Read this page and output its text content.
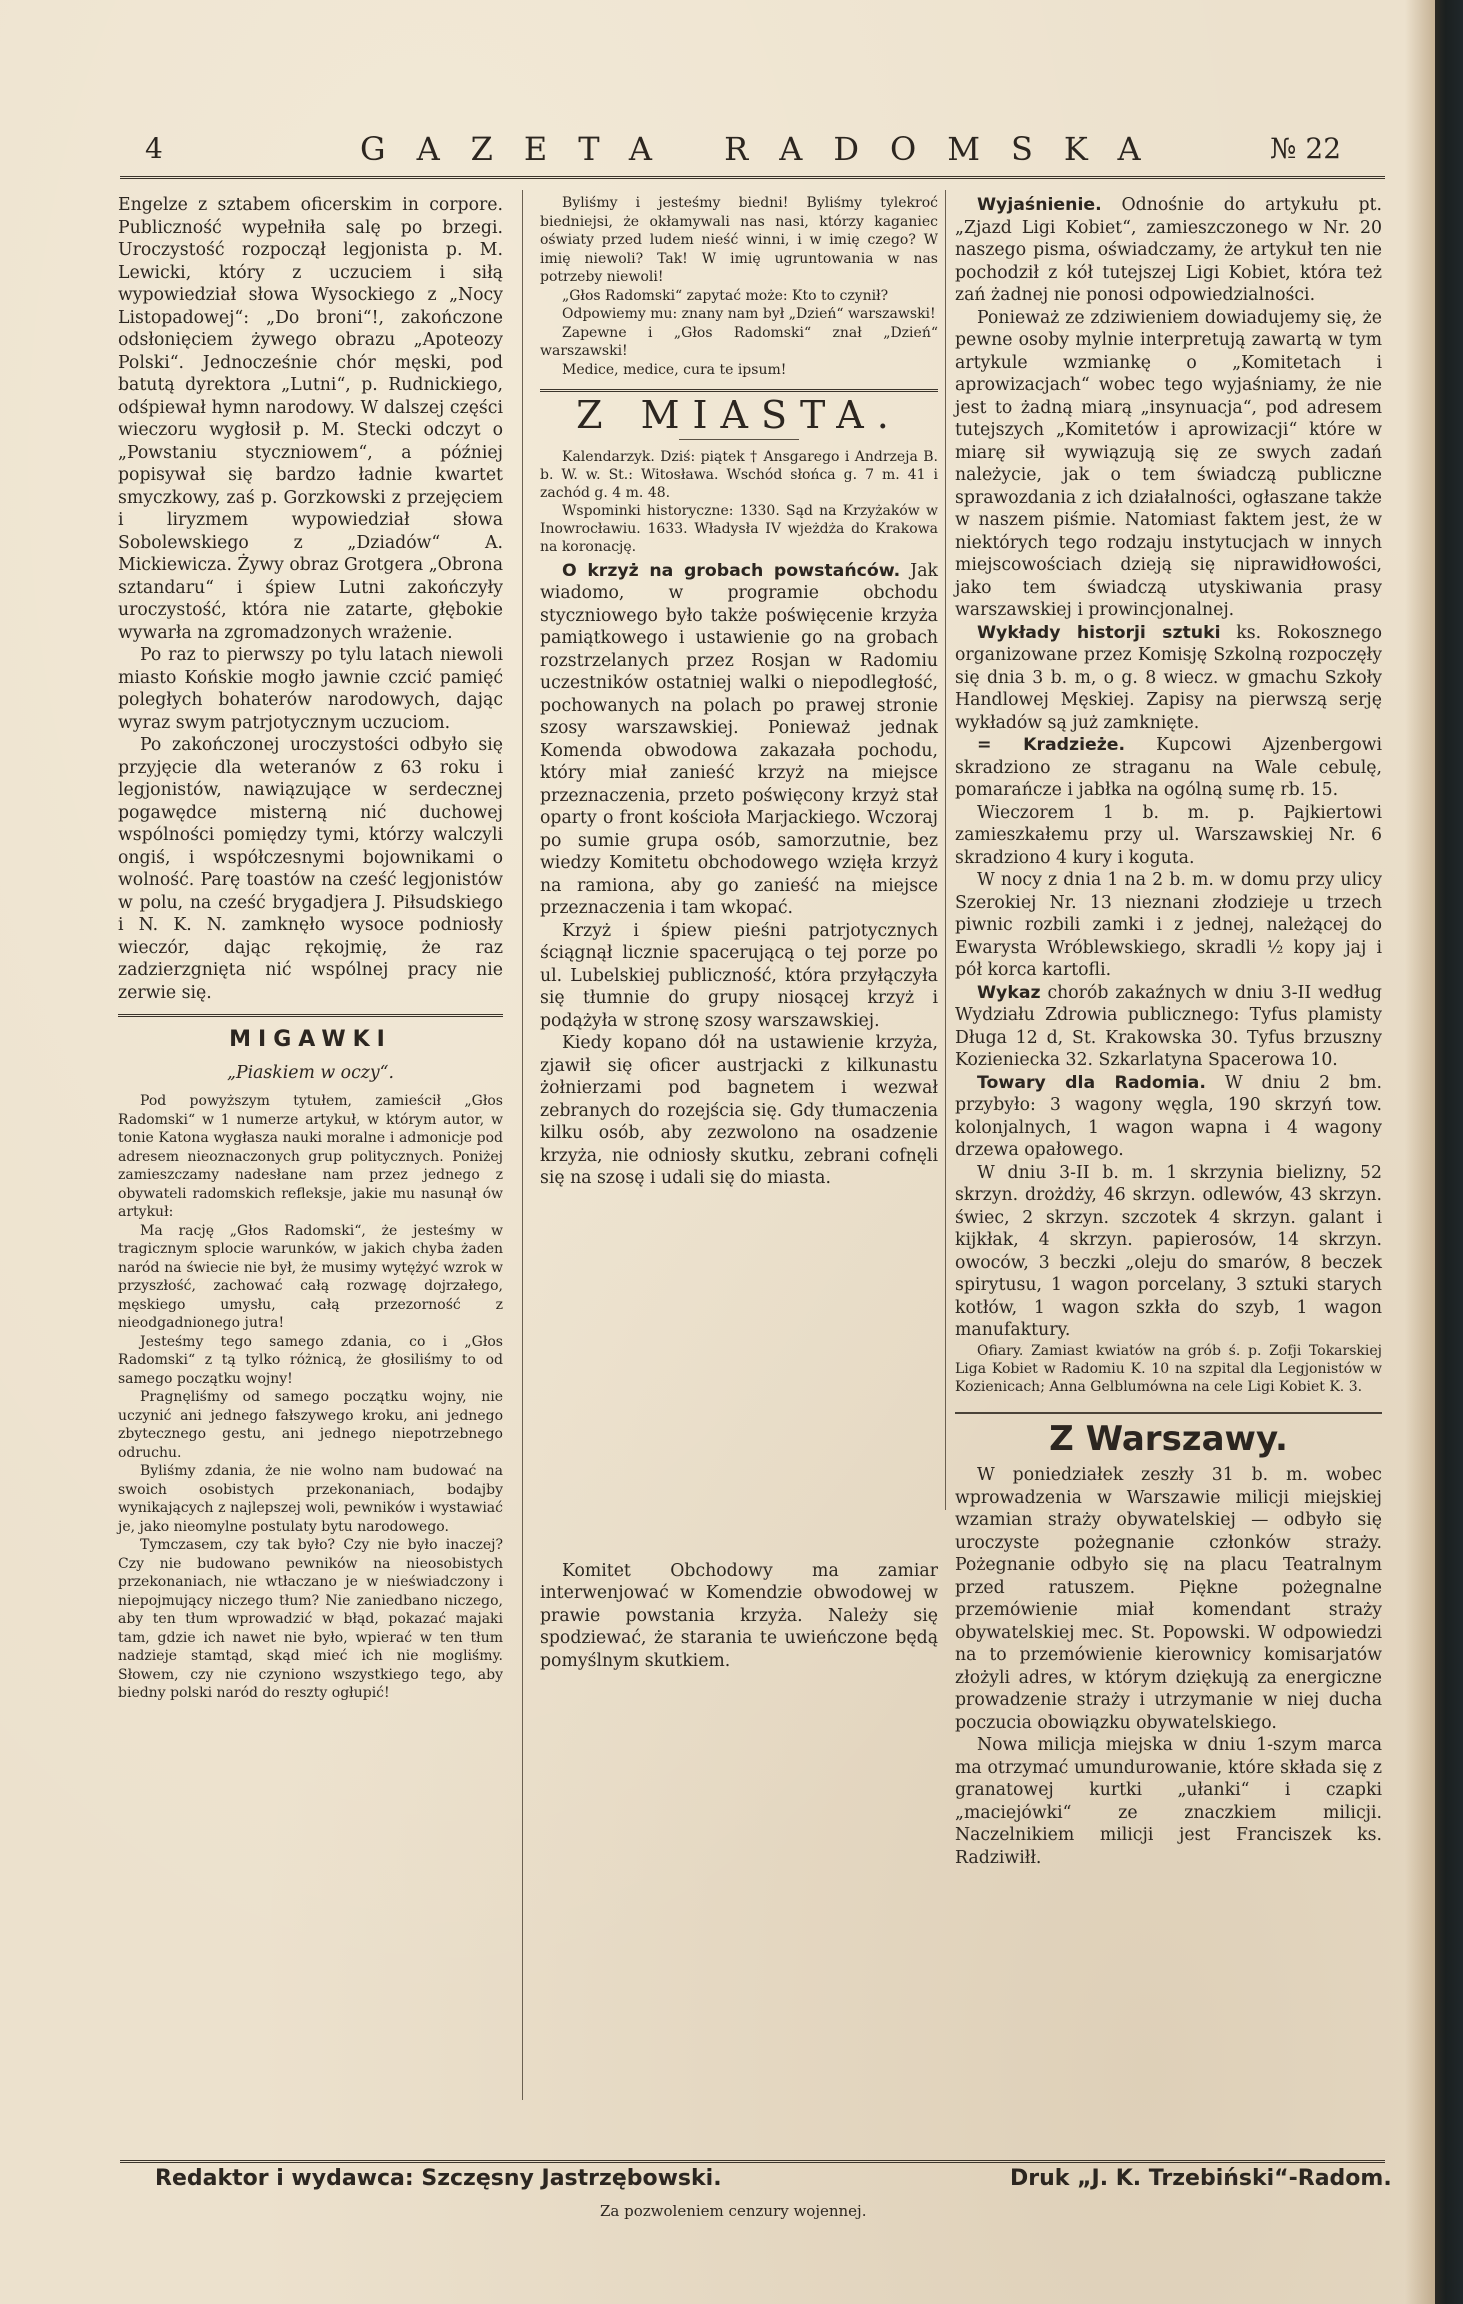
4	GAZETA RADOMSKA	№ 22

Engelze z sztabem oficerskim in corpore. Publiczność wypełniła salę po brzegi. Uroczystość rozpoczął legjonista p. M. Lewicki, który z uczuciem i siłą wypowiedział słowa Wysockiego z „Nocy Listopadowej“: „Do broni“!, zakończone odsłonięciem żywego obrazu „Apoteozy Polski“. Jednocześnie chór męski, pod batutą dyrektora „Lutni“, p. Rudnickiego, odśpiewał hymn narodowy. W dalszej części wieczoru wygłosił p. M. Stecki odczyt o „Powstaniu styczniowem“, a później popisywał się bardzo ładnie kwartet smyczkowy, zaś p. Gorzkowski z przejęciem i liryzmem wypowiedział słowa Sobolewskiego z „Dziadów“ A. Mickiewicza. Żywy obraz Grotgera „Obrona sztandaru“ i śpiew Lutni zakończyły uroczystość, która nie zatarte, głębokie wywarła na zgromadzonych wrażenie.

Po raz to pierwszy po tylu latach niewoli miasto Końskie mogło jawnie czcić pamięć poległych bohaterów narodowych, dając wyraz swym patrjotycznym uczuciom.

Po zakończonej uroczystości odbyło się przyjęcie dla weteranów z 63 roku i legjonistów, nawiązujące w serdecznej pogawędce misterną nić duchowej wspólności pomiędzy tymi, którzy walczyli ongiś, i współczesnymi bojownikami o wolność. Parę toastów na cześć legjonistów w polu, na cześć brygadjera J. Piłsudskiego i N. K. N. zamknęło wysoce podniosły wieczór, dając rękojmię, że raz zadzierzgnięta nić wspólnej pracy nie zerwie się.

MIGAWKI
„Piaskiem w oczy“.

Pod powyższym tytułem, zamieścił „Głos Radomski“ w 1 numerze artykuł, w którym autor, w tonie Katona wygłasza nauki moralne i admonicje pod adresem nieoznaczonych grup politycznych. Poniżej zamieszczamy nadesłane nam przez jednego z obywateli radomskich refleksje, jakie mu nasunął ów artykuł:

Ma rację „Głos Radomski“, że jesteśmy w tragicznym splocie warunków, w jakich chyba żaden naród na świecie nie był, że musimy wytężyć wzrok w przyszłość, zachować całą rozwagę dojrzałego, męskiego umysłu, całą przezorność z nieodgadnionego jutra!

Jesteśmy tego samego zdania, co i „Głos Radomski“ z tą tylko różnicą, że głosiliśmy to od samego początku wojny!

Pragnęliśmy od samego początku wojny, nie uczynić ani jednego fałszywego kroku, ani jednego zbytecznego gestu, ani jednego niepotrzebnego odruchu.

Byliśmy zdania, że nie wolno nam budować na swoich osobistych przekonaniach, bodajby wynikających z najlepszej woli, pewników i wystawiać je, jako nieomylne postulaty bytu narodowego.

Tymczasem, czy tak było? Czy nie było inaczej? Czy nie budowano pewników na nieosobistych przekonaniach, nie wtłaczano je w nieświadczony i niepojmujący niczego tłum? Nie zaniedbano niczego, aby ten tłum wprowadzić w błąd, pokazać majaki tam, gdzie ich nawet nie było, wpierać w ten tłum nadzieje stamtąd, skąd mieć ich nie mogliśmy. Słowem, czy nie czyniono wszystkiego tego, aby biedny polski naród do reszty ogłupić!

Byliśmy i jesteśmy biedni! Byliśmy tylekroć biedniejsi, że okłamywali nas nasi, którzy kaganiec oświaty przed ludem nieść winni, i w imię czego? W imię niewoli? Tak! W imię ugruntowania w nas potrzeby niewoli!

„Głos Radomski“ zapytać może: Kto to czynił?

Odpowiemy mu: znany nam był „Dzień“ warszawski!

Zapewne i „Głos Radomski“ znał „Dzień“ warszawski!

Medice, medice, cura te ipsum!

Z MIASTA.

Kalendarzyk. Dziś: piątek † Ansgarego i Andrzeja B. b. W. w. St.: Witosława. Wschód słońca g. 7 m. 41 i zachód g. 4 m. 48.

Wspominki historyczne: 1330. Sąd na Krzyżaków w Inowrocławiu. 1633. Władysła IV wjeżdża do Krakowa na koronację.

O krzyż na grobach powstańców. Jak wiadomo, w programie obchodu styczniowego było także poświęcenie krzyża pamiątkowego i ustawienie go na grobach rozstrzelanych przez Rosjan w Radomiu uczestników ostatniej walki o niepodległość, pochowanych na polach po prawej stronie szosy warszawskiej. Ponieważ jednak Komenda obwodowa zakazała pochodu, który miał zanieść krzyż na miejsce przeznaczenia, przeto poświęcony krzyż stał oparty o front kościoła Marjackiego. Wczoraj po sumie grupa osób, samorzutnie, bez wiedzy Komitetu obchodowego wzięła krzyż na ramiona, aby go zanieść na miejsce przeznaczenia i tam wkopać.

Krzyż i śpiew pieśni patrjotycznych ściągnął licznie spacerującą o tej porze po ul. Lubelskiej publiczność, która przyłączyła się tłumnie do grupy niosącej krzyż i podążyła w stronę szosy warszawskiej.

Kiedy kopano dół na ustawienie krzyża, zjawił się oficer austrjacki z kilkunastu żołnierzami pod bagnetem i wezwał zebranych do rozejścia się. Gdy tłumaczenia kilku osób, aby zezwolono na osadzenie krzyża, nie odniosły skutku, zebrani cofnęli się na szosę i udali się do miasta.

Komitet Obchodowy ma zamiar interwenjować w Komendzie obwodowej w prawie powstania krzyża. Należy się spodziewać, że starania te uwieńczone będą pomyślnym skutkiem.

Wyjaśnienie. Odnośnie do artykułu pt. „Zjazd Ligi Kobiet“, zamieszczonego w Nr. 20 naszego pisma, oświadczamy, że artykuł ten nie pochodził z kół tutejszej Ligi Kobiet, która też zań żadnej nie ponosi odpowiedzialności.

Ponieważ ze zdziwieniem dowiadujemy się, że pewne osoby mylnie interpretują zawartą w tym artykule wzmiankę o „Komitetach i aprowizacjach“ wobec tego wyjaśniamy, że nie jest to żadną miarą „insynuacja“, pod adresem tutejszych „Komitetów i aprowizacji“ które w miarę sił wywiązują się ze swych zadań należycie, jak o tem świadczą publiczne sprawozdania z ich działalności, ogłaszane także w naszem piśmie. Natomiast faktem jest, że w niektórych tego rodzaju instytucjach w innych miejscowościach dzieją się niprawidłowości, jako tem świadczą utyskiwania prasy warszawskiej i prowincjonalnej.

Wykłady historji sztuki ks. Rokosznego organizowane przez Komisję Szkolną rozpoczęły się dnia 3 b. m, o g. 8 wiecz. w gmachu Szkoły Handlowej Męskiej. Zapisy na pierwszą serję wykładów są już zamknięte.

= Kradzieże. Kupcowi Ajzenbergowi skradziono ze straganu na Wale cebulę, pomarańcze i jabłka na ogólną sumę rb. 15.

Wieczorem 1 b. m. p. Pajkiertowi zamieszkałemu przy ul. Warszawskiej Nr. 6 skradziono 4 kury i koguta.

W nocy z dnia 1 na 2 b. m. w domu przy ulicy Szerokiej Nr. 13 nieznani złodzieje u trzech piwnic rozbili zamki i z jednej, należącej do Ewarysta Wróblewskiego, skradli ½ kopy jaj i pół korca kartofli.

Wykaz chorób zakaźnych w dniu 3-II według Wydziału Zdrowia publicznego: Tyfus plamisty Długa 12 d, St. Krakowska 30. Tyfus brzuszny Kozieniecka 32. Szkarlatyna Spacerowa 10.

Towary dla Radomia. W dniu 2 bm. przybyło: 3 wagony węgla, 190 skrzyń tow. kolonjalnych, 1 wagon wapna i 4 wagony drzewa opałowego.

W dniu 3-II b. m. 1 skrzynia bielizny, 52 skrzyn. drożdży, 46 skrzyn. odlewów, 43 skrzyn. świec, 2 skrzyn. szczotek 4 skrzyn. galant i kijkłak, 4 skrzyn. papierosów, 14 skrzyn. owoców, 3 beczki „oleju do smarów, 8 beczek spirytusu, 1 wagon porcelany, 3 sztuki starych kotłów, 1 wagon szkła do szyb, 1 wagon manufaktury.

Ofiary. Zamiast kwiatów na grób ś. p. Zofji Tokarskiej Liga Kobiet w Radomiu K. 10 na szpital dla Legjonistów w Kozienicach; Anna Gelblumówna na cele Ligi Kobiet K. 3.

Z Warszawy.

W poniedziałek zeszły 31 b. m. wobec wprowadzenia w Warszawie milicji miejskiej wzamian straży obywatelskiej — odbyło się uroczyste pożegnanie członków straży. Pożegnanie odbyło się na placu Teatralnym przed ratuszem. Piękne pożegnalne przemówienie miał komendant straży obywatelskiej mec. St. Popowski. W odpowiedzi na to przemówienie kierownicy komisarjatów złożyli adres, w którym dziękują za energiczne prowadzenie straży i utrzymanie w niej ducha poczucia obowiązku obywatelskiego.

Nowa milicja miejska w dniu 1-szym marca ma otrzymać umundurowanie, które składa się z granatowej kurtki „ułanki“ i czapki „maciejówki“ ze znaczkiem milicji. Naczelnikiem milicji jest Franciszek ks. Radziwiłł.

Redaktor i wydawca: Szczęsny Jastrzębowski.	Druk „J. K. Trzebiński“-Radom.
Za pozwoleniem cenzury wojennej.
